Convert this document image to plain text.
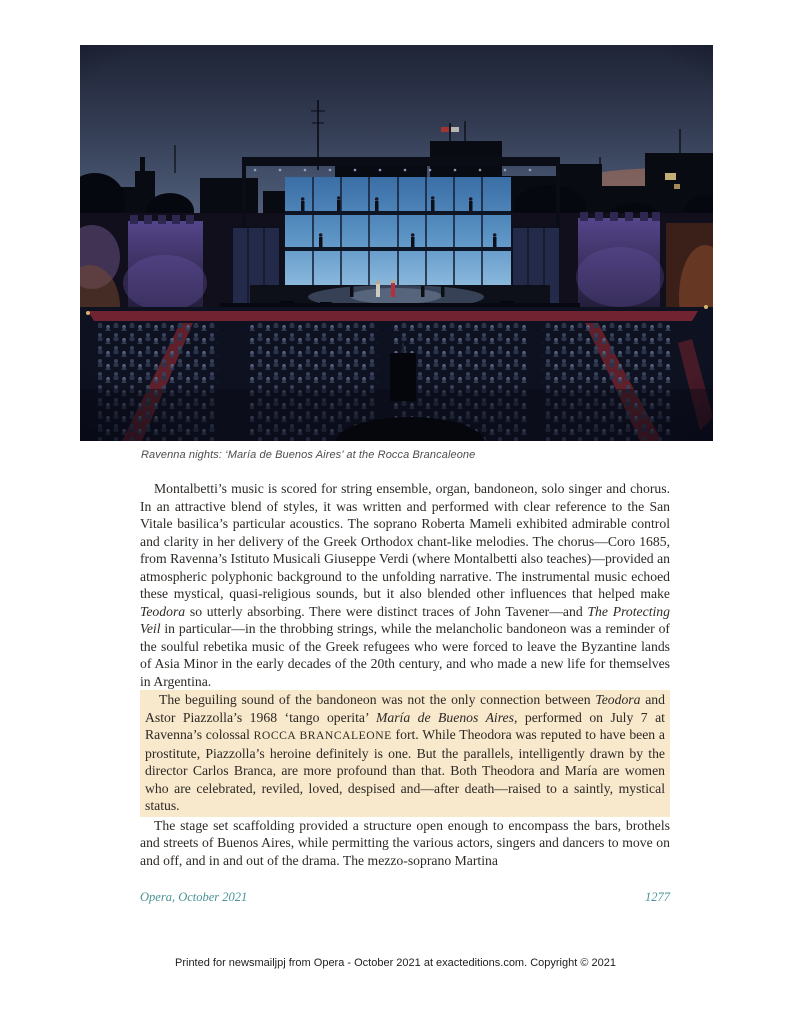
Ravenna nights: ‘María de Buenos Aires’ at the Rocca Brancaleone

Montalbetti’s music is scored for string ensemble, organ, bandoneon, solo singer and chorus. In an attractive blend of styles, it was written and performed with clear reference to the San Vitale basilica’s particular acoustics. The soprano Roberta Mameli exhibited admirable control and clarity in her delivery of the Greek Orthodox chant-like melodies. The chorus—Coro 1685, from Ravenna’s Istituto Musicali Giuseppe Verdi (where Montalbetti also teaches)—provided an atmospheric polyphonic background to the unfolding narrative. The instrumental music echoed these mystical, quasi-religious sounds, but it also blended other influences that helped make Teodora so utterly absorbing. There were distinct traces of John Tavener—and The Protecting Veil in particular—in the throbbing strings, while the melancholic bandoneon was a reminder of the soulful rebetika music of the Greek refugees who were forced to leave the Byzantine lands of Asia Minor in the early decades of the 20th century, and who made a new life for themselves in Argentina.

The beguiling sound of the bandoneon was not the only connection between Teodora and Astor Piazzolla’s 1968 ‘tango operita’ María de Buenos Aires, performed on July 7 at Ravenna’s colossal ROCCA BRANCALEONE fort. While Theodora was reputed to have been a prostitute, Piazzolla’s heroine definitely is one. But the parallels, intelligently drawn by the director Carlos Branca, are more profound than that. Both Theodora and María are women who are celebrated, reviled, loved, despised and—after death—raised to a saintly, mystical status.

The stage set scaffolding provided a structure open enough to encompass the bars, brothels and streets of Buenos Aires, while permitting the various actors, singers and dancers to move on and off, and in and out of the drama. The mezzo-soprano Martina

Opera, October 2021	1277
Printed for newsmailjpj from Opera - October 2021 at exacteditions.com. Copyright © 2021
